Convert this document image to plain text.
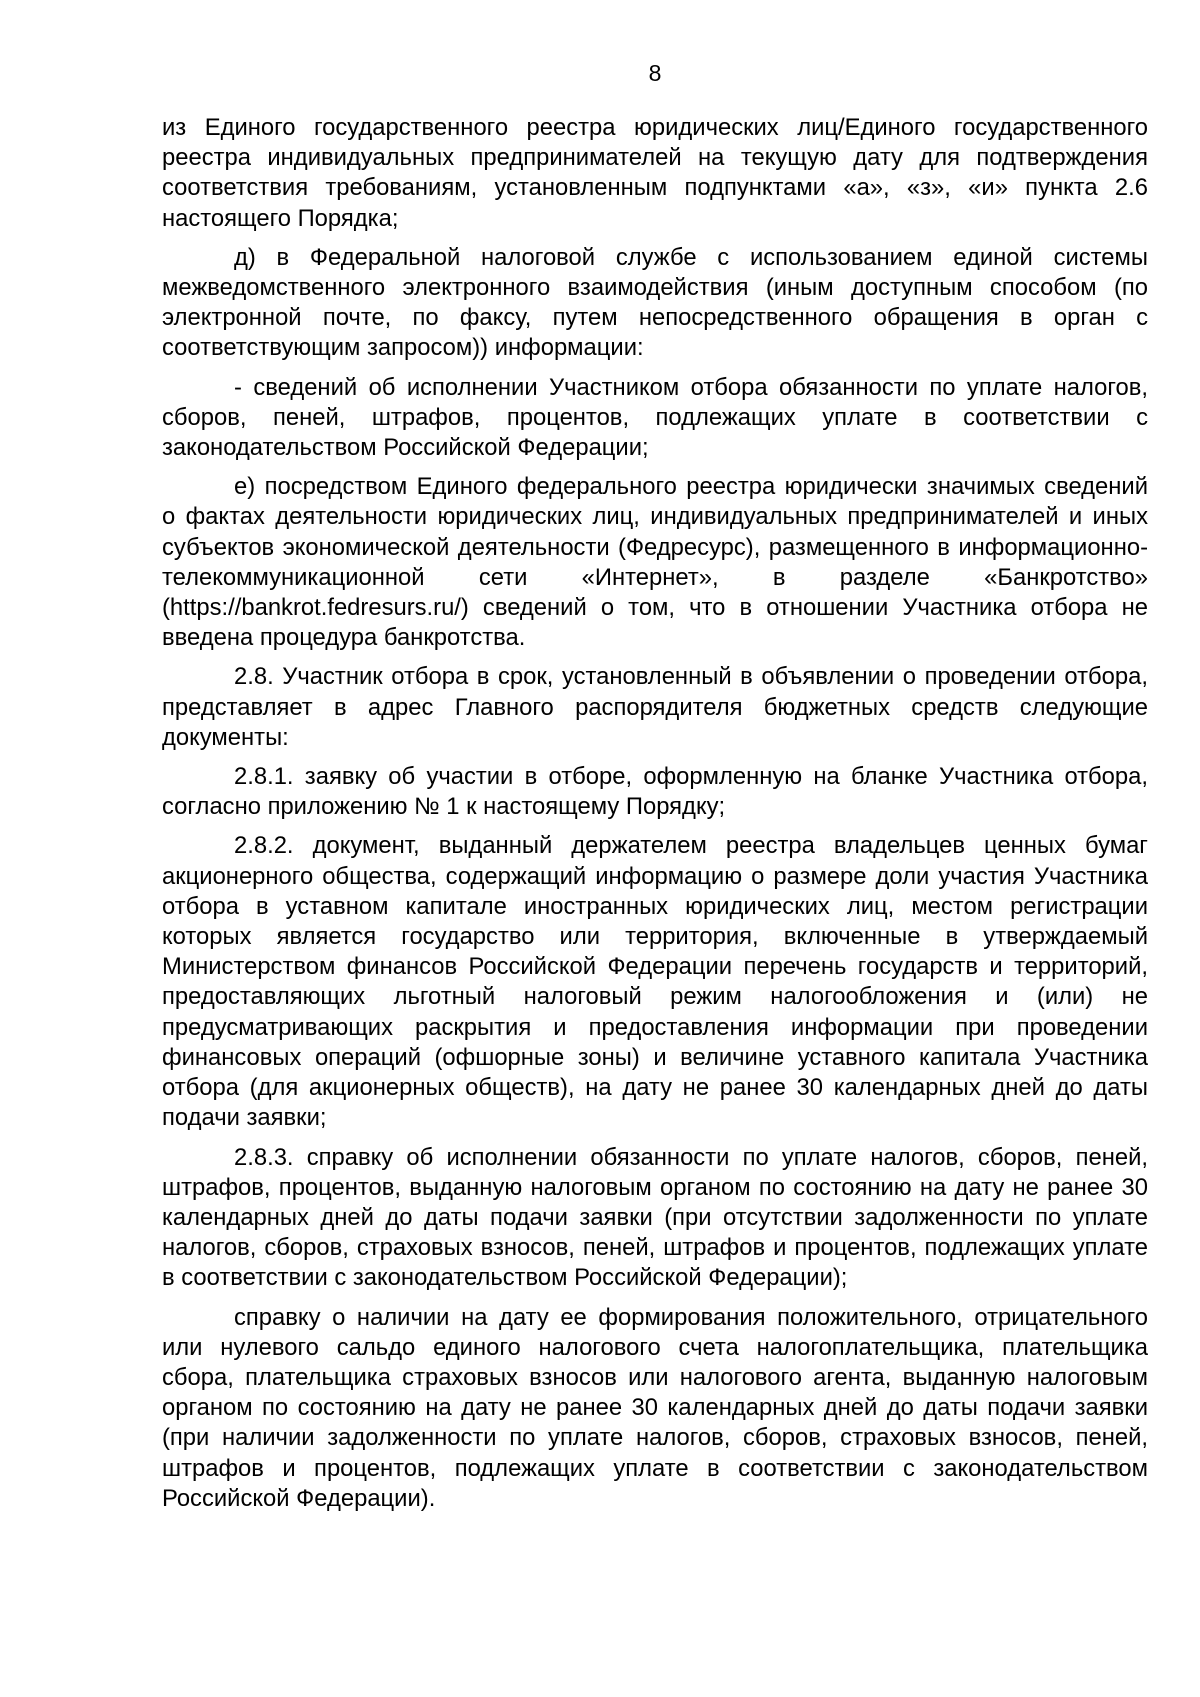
8

из Единого государственного реестра юридических лиц/Единого государственного реестра индивидуальных предпринимателей на текущую дату для подтверждения соответствия требованиям, установленным подпунктами «а», «з», «и» пункта 2.6 настоящего Порядка;

д) в Федеральной налоговой службе с использованием единой системы межведомственного электронного взаимодействия (иным доступным способом (по электронной почте, по факсу, путем непосредственного обращения в орган с соответствующим запросом)) информации:

- сведений об исполнении Участником отбора обязанности по уплате налогов, сборов, пеней, штрафов, процентов, подлежащих уплате в соответствии с законодательством Российской Федерации;

е) посредством Единого федерального реестра юридически значимых сведений о фактах деятельности юридических лиц, индивидуальных предпринимателей и иных субъектов экономической деятельности (Федресурс), размещенного в информационно-телекоммуникационной сети «Интернет», в разделе «Банкротство» (https://bankrot.fedresurs.ru/) сведений о том, что в отношении Участника отбора не введена процедура банкротства.

2.8. Участник отбора в срок, установленный в объявлении о проведении отбора, представляет в адрес Главного распорядителя бюджетных средств следующие документы:

2.8.1. заявку об участии в отборе, оформленную на бланке Участника отбора, согласно приложению № 1 к настоящему Порядку;

2.8.2. документ, выданный держателем реестра владельцев ценных бумаг акционерного общества, содержащий информацию о размере доли участия Участника отбора в уставном капитале иностранных юридических лиц, местом регистрации которых является государство или территория, включенные в утверждаемый Министерством финансов Российской Федерации перечень государств и территорий, предоставляющих льготный налоговый режим налогообложения и (или) не предусматривающих раскрытия и предоставления информации при проведении финансовых операций (офшорные зоны) и величине уставного капитала Участника отбора (для акционерных обществ), на дату не ранее 30 календарных дней до даты подачи заявки;

2.8.3. справку об исполнении обязанности по уплате налогов, сборов, пеней, штрафов, процентов, выданную налоговым органом по состоянию на дату не ранее 30 календарных дней до даты подачи заявки (при отсутствии задолженности по уплате налогов, сборов, страховых взносов, пеней, штрафов и процентов, подлежащих уплате в соответствии с законодательством Российской Федерации);

справку о наличии на дату ее формирования положительного, отрицательного или нулевого сальдо единого налогового счета налогоплательщика, плательщика сбора, плательщика страховых взносов или налогового агента, выданную налоговым органом по состоянию на дату не ранее 30 календарных дней до даты подачи заявки (при наличии задолженности по уплате налогов, сборов, страховых взносов, пеней, штрафов и процентов, подлежащих уплате в соответствии с законодательством Российской Федерации).
